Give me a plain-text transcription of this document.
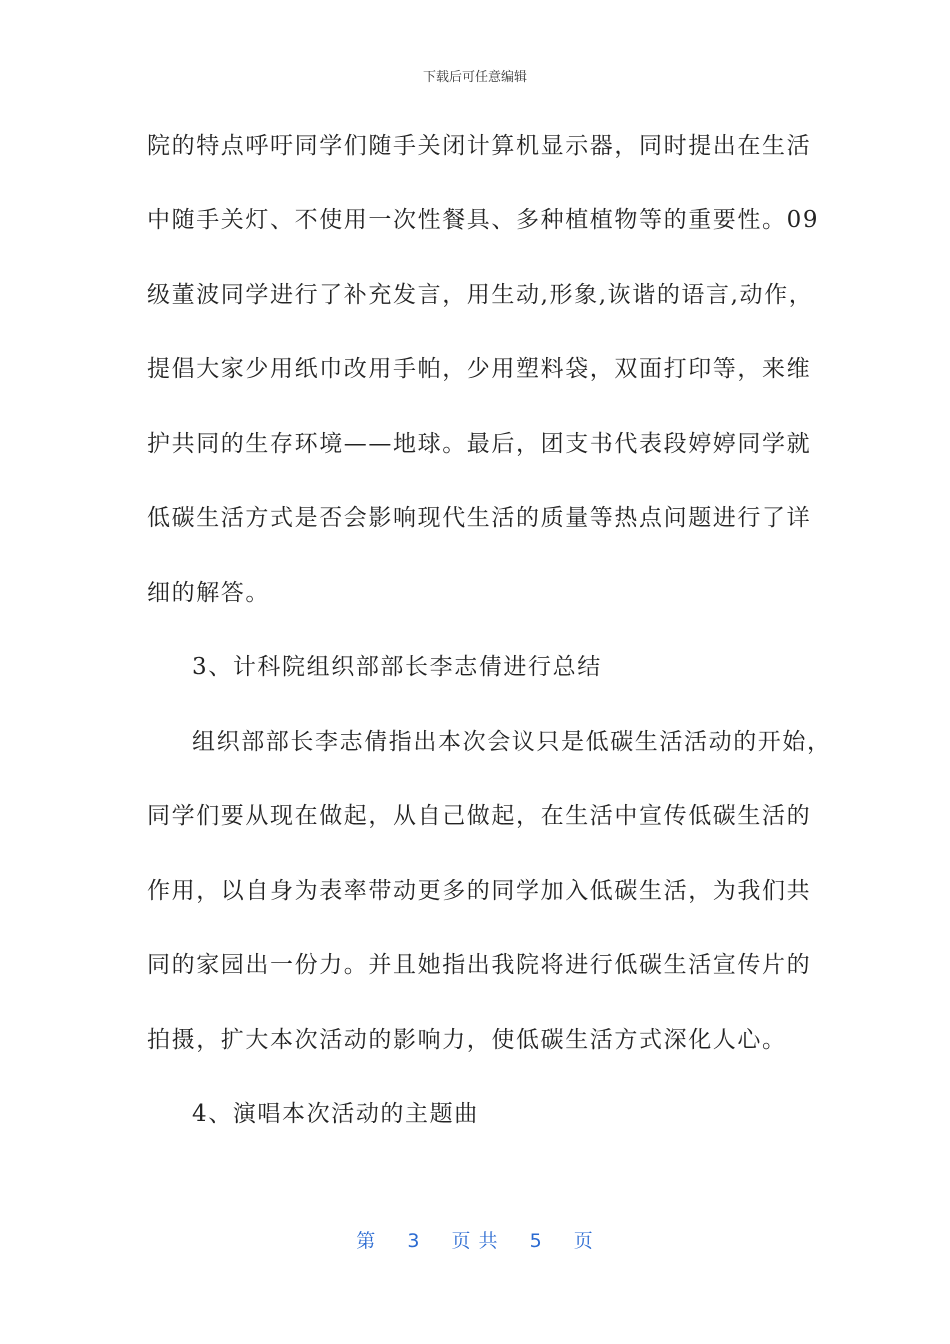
下载后可任意编辑
院的特点呼吁同学们随手关闭计算机显示器，同时提出在生活
中随手关灯、不使用一次性餐具、多种植植物等的重要性。09
级董波同学进行了补充发言，用生动,形象,诙谐的语言,动作，
提倡大家少用纸巾改用手帕，少用塑料袋，双面打印等，来维
护共同的生存环境——地球。最后，团支书代表段婷婷同学就
低碳生活方式是否会影响现代生活的质量等热点问题进行了详
细的解答。
3、计科院组织部部长李志倩进行总结
组织部部长李志倩指出本次会议只是低碳生活活动的开始，
同学们要从现在做起，从自己做起，在生活中宣传低碳生活的
作用，以自身为表率带动更多的同学加入低碳生活，为我们共
同的家园出一份力。并且她指出我院将进行低碳生活宣传片的
拍摄，扩大本次活动的影响力，使低碳生活方式深化人心。
4、演唱本次活动的主题曲
第 3 页 共 5 页
